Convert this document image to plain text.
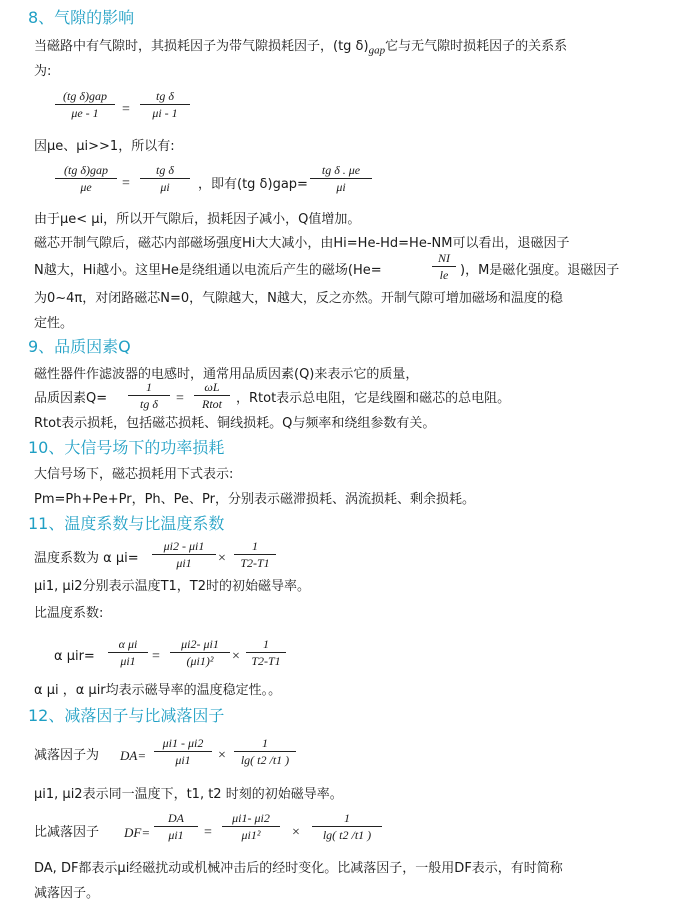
8、气隙的影响
当磁路中有气隙时，其损耗因子为带气隙损耗因子，(tg $\delta)_{gap}$它与无气隙时损耗因子的关系系
为:
(tg δ)gap
μe - 1 =
tg δ
μi - 1
因μe、μi>>1，所以有:
(tg δ)gap
μe =
tg δ
μi ，即有(tg δ)gap=
tg δ . μe
μi
由于μe< μi，所以开气隙后，损耗因子减小，Q值增加。
磁芯开制气隙后，磁芯内部磁场强度Hi大大减小，由Hi=He-Hd=He-NM可以看出，退磁因子
N越大，Hi越小。这里He是绕组通以电流后产生的磁场(He=
NI
le )，M是磁化强度。退磁因子
为0~4π，对闭路磁芯N=0，气隙越大，N越大，反之亦然。开制气隙可增加磁场和温度的稳
定性。
9、品质因素Q
磁性器件作滤波器的电感时，通常用品质因素(Q)来表示它的质量，
品质因素Q=
1
tg δ =
ωL
Rtot ，Rtot表示总电阻，它是线圈和磁芯的总电阻。
Rtot表示损耗，包括磁芯损耗、铜线损耗。Q与频率和绕组参数有关。
10、大信号场下的功率损耗
大信号场下，磁芯损耗用下式表示:
Pm=Ph+Pe+Pr，Ph、Pe、Pr，分别表示磁滞损耗、涡流损耗、剩余损耗。
11、温度系数与比温度系数
温度系数为 α μi=
μi2 - μi1
μi1 ×
1
T2-T1
μi1, μi2分别表示温度T1，T2时的初始磁导率。
比温度系数:
α μir=
α μi
μi1 =
μi2- μi1
(μi1)² ×
1
T2-T1
α μi ，α μir均表示磁导率的温度稳定性。。
12、减落因子与比减落因子
减落因子为 DA=
μi1 - μi2
μi1 ×
1
lg( t2 /t1 )
μi1, μi2表示同一温度下，t1, t2 时刻的初始磁导率。
比减落因子 DF=
DA
μi1 =
μi1- μi2
μi1² ×
1
lg( t2 /t1 )
DA, DF都表示μi经磁扰动或机械冲击后的经时变化。比减落因子，一般用DF表示，有时简称
减落因子。
